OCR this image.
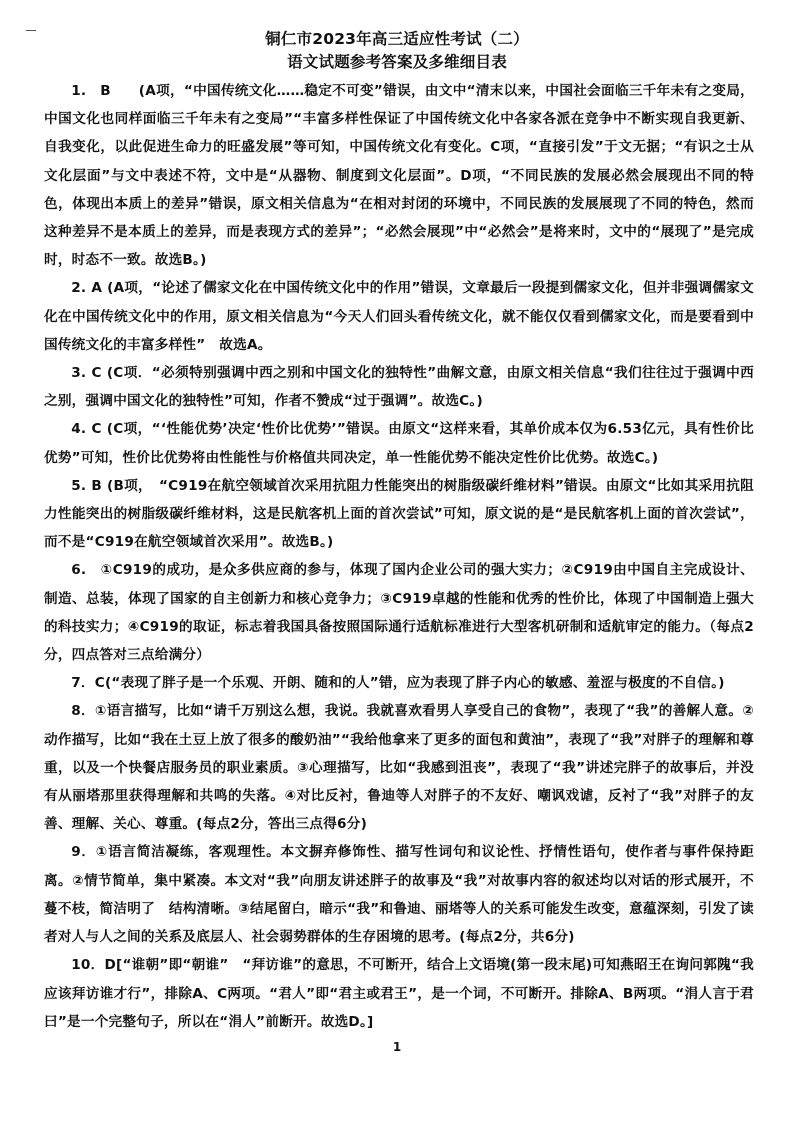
铜仁市2023年高三适应性考试（二）
语文试题参考答案及多维细目表

1.　B　　(A项，“中国传统文化……稳定不可变”错误，由文中“清末以来，中国社会面临三千年未有之变局，中国文化也同样面临三千年未有之变局”“丰富多样性保证了中国传统文化中各家各派在竞争中不断实现自我更新、自我变化，以此促进生命力的旺盛发展”等可知，中国传统文化有变化。C项，“直接引发”于文无据；“有识之士从文化层面”与文中表述不符，文中是“从器物、制度到文化层面”。D项，“不同民族的发展必然会展现出不同的特色，体现出本质上的差异”错误，原文相关信息为“在相对封闭的环境中，不同民族的发展展现了不同的特色，然而这种差异不是本质上的差异，而是表现方式的差异”；“必然会展现”中“必然会”是将来时，文中的“展现了”是完成时，时态不一致。故选B。)

2. A (A项，“论述了儒家文化在中国传统文化中的作用”错误，文章最后一段提到儒家文化，但并非强调儒家文化在中国传统文化中的作用，原文相关信息为“今天人们回头看传统文化，就不能仅仅看到儒家文化，而是要看到中国传统文化的丰富多样性”　故选A。

3. C (C项．“必须特别强调中西之别和中国文化的独特性”曲解文意，由原文相关信息“我们往往过于强调中西之别，强调中国文化的独特性”可知，作者不赞成“过于强调”。故选C。)

4. C (C项，“‘性能优势’决定‘性价比优势’”错误。由原文“这样来看，其单价成本仅为6.53亿元，具有性价比优势”可知，性价比优势将由性能性与价格值共同决定，单一性能优势不能决定性价比优势。故选C。)

5. B (B项，　“C919在航空领域首次采用抗阻力性能突出的树脂级碳纤维材料”错误。由原文“比如其采用抗阻力性能突出的树脂级碳纤维材料，这是民航客机上面的首次尝试”可知，原文说的是“是民航客机上面的首次尝试”，而不是“C919在航空领域首次采用”。故选B。)

6.　①C919的成功，是众多供应商的参与，体现了国内企业公司的强大实力；②C919由中国自主完成设计、制造、总装，体现了国家的自主创新力和核心竞争力；③C919卓越的性能和优秀的性价比，体现了中国制造上强大的科技实力；④C919的取证，标志着我国具备按照国际通行适航标准进行大型客机研制和适航审定的能力。（每点2分，四点答对三点给满分）

7．C(“表现了胖子是一个乐观、开朗、随和的人”错，应为表现了胖子内心的敏感、羞涩与极度的不自信。)

8．①语言描写，比如“请千万别这么想，我说。我就喜欢看男人享受自己的食物”，表现了“我”的善解人意。②动作描写，比如“我在土豆上放了很多的酸奶油”“我给他拿来了更多的面包和黄油”，表现了“我”对胖子的理解和尊重，以及一个快餐店服务员的职业素质。③心理描写，比如“我感到沮丧”，表现了“我”讲述完胖子的故事后，并没有从丽塔那里获得理解和共鸣的失落。④对比反衬，鲁迪等人对胖子的不友好、嘲讽戏谑，反衬了“我”对胖子的友善、理解、关心、尊重。(每点2分，答出三点得6分)

9．①语言简洁凝练，客观理性。本文摒弃修饰性、描写性词句和议论性、抒情性语句，使作者与事件保持距离。②情节简单，集中紧凑。本文对“我”向朋友讲述胖子的故事及“我”对故事内容的叙述均以对话的形式展开，不蔓不枝，简洁明了　结构清晰。③结尾留白，暗示“我”和鲁迪、丽塔等人的关系可能发生改变，意蕴深刻，引发了读者对人与人之间的关系及底层人、社会弱势群体的生存困境的思考。(每点2分，共6分)

10．D[“谁朝”即“朝谁”　“拜访谁”的意思，不可断开，结合上文语境(第一段末尾)可知燕昭王在询问郭隗“我应该拜访谁才行”，排除A、C两项。“君人”即“君主或君王”，是一个词，不可断开。排除A、B两项。“涓人言于君曰”是一个完整句子，所以在“涓人”前断开。故选D。]

1
